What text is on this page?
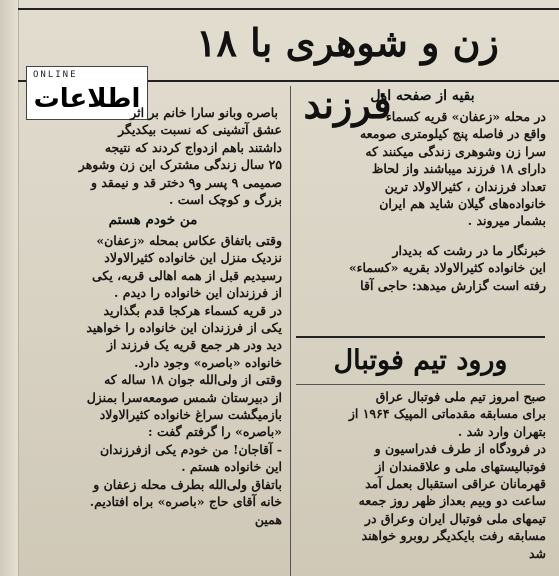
زن و شوهری با ۱۸ فرزند
ONLINE
اطلاعات	بقیه از صفحه اول

در محله «زعفان» قریه کسماء

واقع در فاصله پنج کیلومتری صومعه

سرا زن وشوهری زندگی میکنند که

دارای ۱۸ فرزند میباشند واز لحاظ

تعداد فرزندان ، کثیرالاولاد ترین

خانواده‌های گیلان شاید هم ایران

بشمار میروند .

خبرنگار ما در رشت که بدیدار

این خانواده کثیرالاولاد بقریه «کسماء»

رفته است گزارش میدهد: حاجی آقا

ورود تیم فوتبال

صبح امروز تیم ملی فوتبال عراق

برای مسابقه مقدماتی المپیک ۱۹۶۴ از

بتهران وارد شد .

در فرودگاه از طرف فدراسیون و

فوتبالیستهای ملی و علاقمندان از

قهرمانان عراقی استقبال بعمل آمد

ساعت دو وبیم بعداز ظهر روز جمعه

تیمهای ملی فوتبال ایران وعراق در

مسابقه رفت بایکدیگر روبرو خواهند

شد

باصره وبانو سارا خانم بر اثر

عشق آتشینی که نسبت بیکدیگر

داشتند باهم ازدواج کردند که نتیجه

۲۵ سال زندگی مشترک این زن وشوهر

صمیمی ۹ پسر و۹ دختر قد و نیمقد و

بزرگ و کوچک است .

من خودم هستم

وقتی باتفاق عکاس بمحله «زعفان»

نزدیک منزل این خانواده کثیرالاولاد

رسیدیم قبل از همه اهالی قریه، یکی

از فرزندان این خانواده را دیدم .

در قریه کسماء هرکجا قدم بگذارید

یکی از فرزندان این خانواده را خواهید

دید ودر هر جمع قریه یک فرزند از

خانواده «باصره» وجود دارد.

وقتی از ولی‌الله جوان ۱۸ ساله که

از دبیرستان شمس صومعه‌سرا بمنزل

بازمیگشت سراغ خانواده کثیرالاولاد

«باصره» را گرفتم گفت :

- آقاجان! من خودم یکی ازفرزندان

این خانواده هستم .

باتفاق ولی‌الله بطرف محله زعفان و

خانه آقای حاج «باصره» براه افتادیم.

همین
